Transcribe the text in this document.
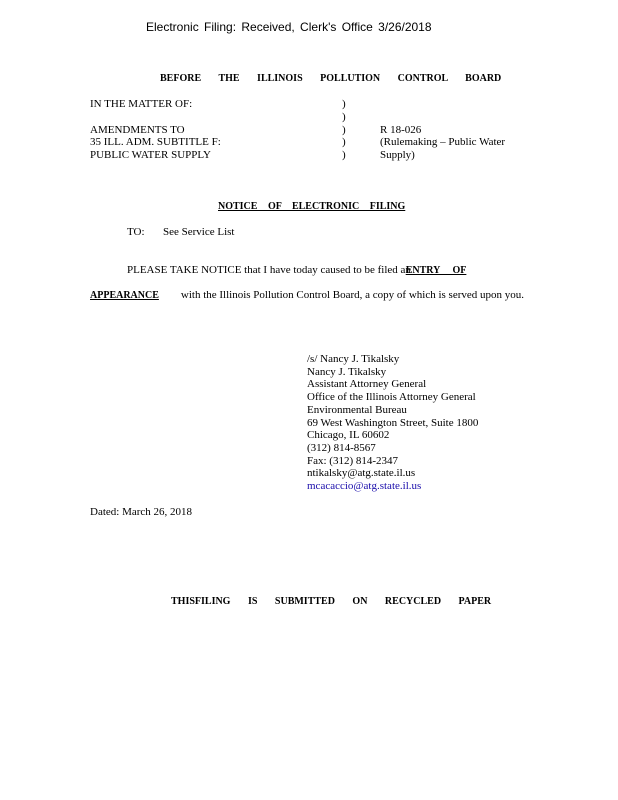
Electronic Filing: Received, Clerk's Office 3/26/2018
BEFORE THE ILLINOIS POLLUTION CONTROL BOARD
IN THE MATTER OF:
AMENDMENTS TO
35 ILL. ADM. SUBTITLE F:
PUBLIC WATER SUPPLY
)
)
)
)
)
R 18-026
(Rulemaking – Public Water
Supply)
NOTICE OF ELECTRONIC FILING
TO: See Service List
PLEASE TAKE NOTICE that I have today caused to be filed an ENTRY OF
APPEARANCE with the Illinois Pollution Control Board, a copy of which is served upon you.
/s/ Nancy J. Tikalsky
Nancy J. Tikalsky
Assistant Attorney General
Office of the Illinois Attorney General
Environmental Bureau
69 West Washington Street, Suite 1800
Chicago, IL 60602
(312) 814-8567
Fax: (312) 814-2347
ntikalsky@atg.state.il.us
mcacaccio@atg.state.il.us
Dated: March 26, 2018
THISFILING IS SUBMITTED ON RECYCLED PAPER
